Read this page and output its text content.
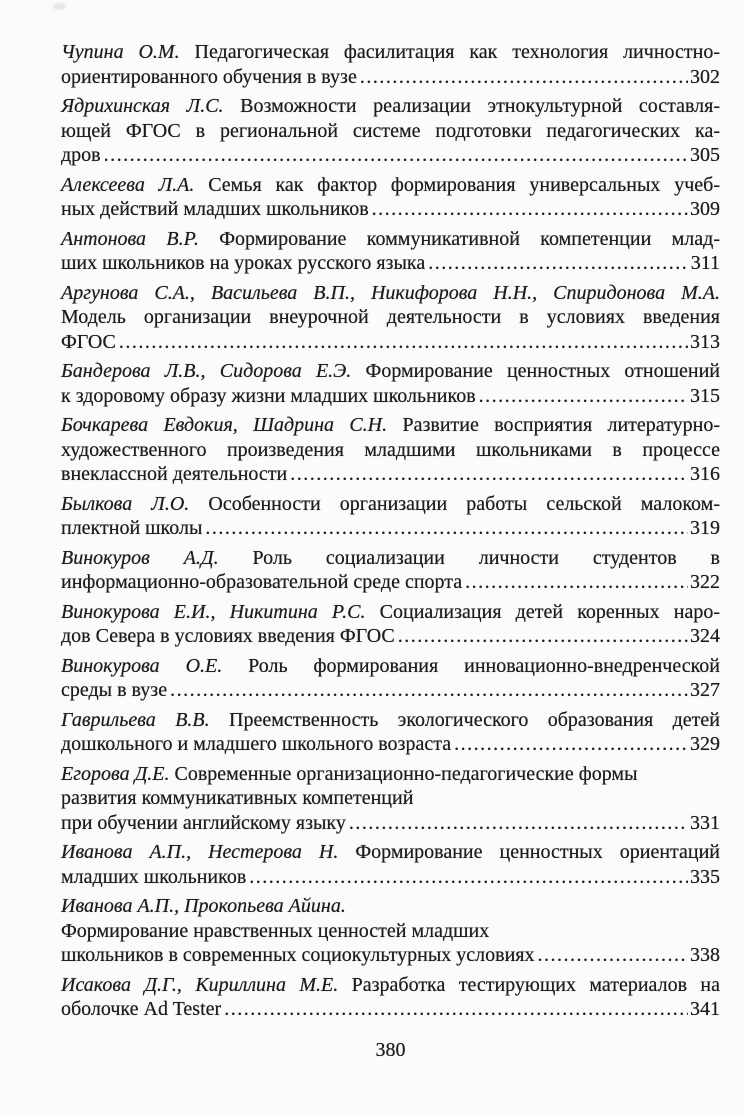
Чупина О.М. Педагогическая фасилитация как технология личностно-
ориентированного обучения в вузе .....	302
Ядрихинская Л.С. Возможности реализации этнокультурной составля-
ющей ФГОС в региональной системе подготовки педагогических ка-
дров .....	305
Алексеева Л.А. Семья как фактор формирования универсальных учеб-
ных действий младших школьников .....	309
Антонова В.Р. Формирование коммуникативной компетенции млад-
ших школьников на уроках русского языка .....	311
Аргунова С.А., Васильева В.П., Никифорова Н.Н., Спиридонова М.А.
Модель организации внеурочной деятельности в условиях введения
ФГОС .....	313
Бандерова Л.В., Сидорова Е.Э. Формирование ценностных отношений
к здоровому образу жизни младших школьников .....	315
Бочкарева Евдокия, Шадрина С.Н. Развитие восприятия литературно-
художественного произведения младшими школьниками в процессе
внеклассной деятельности .....	316
Былкова Л.О. Особенности организации работы сельской малоком-
плектной школы .....	319
Винокуров А.Д. Роль социализации личности студентов в
информационно-образовательной среде спорта .....	322
Винокурова Е.И., Никитина Р.С. Социализация детей коренных наро-
дов Севера в условиях введения ФГОС .....	324
Винокурова О.Е. Роль формирования инновационно-внедренческой
среды в вузе .....	327
Гаврильева В.В. Преемственность экологического образования детей
дошкольного и младшего школьного возраста .....	329
Егорова Д.Е. Современные организационно-педагогические формы
развития коммуникативных компетенций
при обучении английскому языку .....	331
Иванова А.П., Нестерова Н. Формирование ценностных ориентаций
младших школьников .....	335
Иванова А.П., Прокопьева Айина.
Формирование нравственных ценностей младших
школьников в современных социокультурных условиях .....	338
Исакова Д.Г., Кириллина М.Е. Разработка тестирующих материалов на
оболочке Ad Tester .....	341
380
